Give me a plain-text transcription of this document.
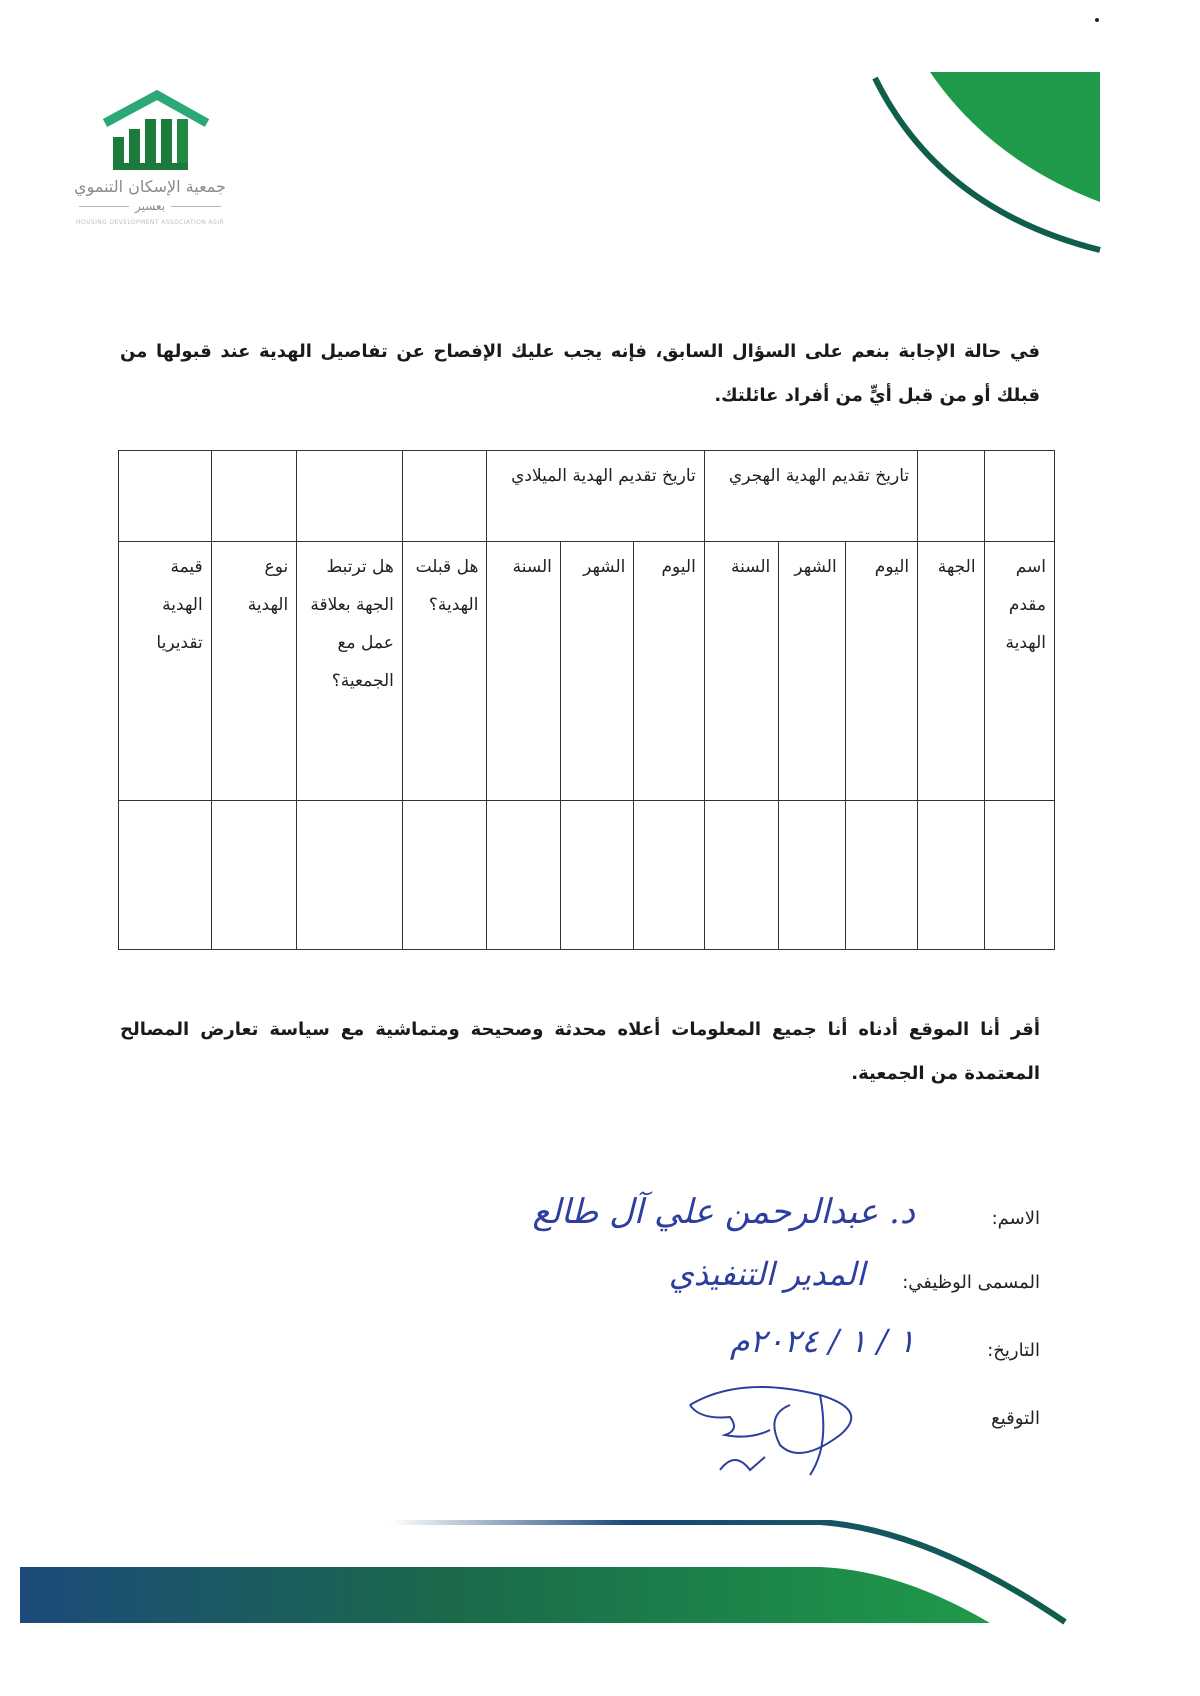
جمعية الإسكان التنموي
بعسير
HOUSING DEVELOPMENT ASSOCIATION ASIR
في حالة الإجابة بنعم على السؤال السابق، فإنه يجب عليك الإفصاح عن تفاصيل الهدية عند قبولها من قبلك أو من قبل أيٍّ من أفراد عائلتك.
		تاريخ تقديم الهدية الهجري			تاريخ تقديم الهدية الميلادي						
اسم مقدم الهدية	الجهة	اليوم	الشهر	السنة	اليوم	الشهر	السنة	هل قبلت الهدية؟	هل ترتبط الجهة بعلاقة عمل مع الجمعية؟	نوع الهدية	قيمة الهدية تقديريا

أقر أنا الموقع أدناه أنا جميع المعلومات أعلاه محدثة وصحيحة ومتماشية مع سياسة تعارض المصالح المعتمدة من الجمعية.
الاسم:
د. عبدالرحمن علي آل طالع
المسمى الوظيفي:
المدير التنفيذي
التاريخ:
١ / ١ / ٢٠٢٤م
التوقيع
